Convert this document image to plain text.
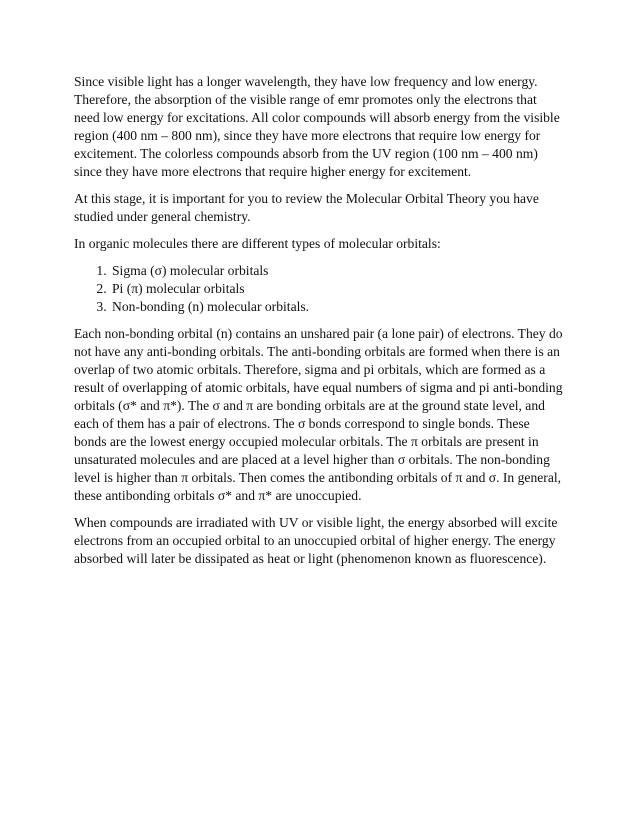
Since visible light has a longer wavelength, they have low frequency and low energy. Therefore, the absorption of the visible range of emr promotes only the electrons that need low energy for excitations. All color compounds will absorb energy from the visible region (400 nm – 800 nm), since they have more electrons that require low energy for excitement. The colorless compounds absorb from the UV region (100 nm – 400 nm) since they have more electrons that require higher energy for excitement.

At this stage, it is important for you to review the Molecular Orbital Theory you have studied under general chemistry.

In organic molecules there are different types of molecular orbitals:

1. Sigma (σ) molecular orbitals
2. Pi (π) molecular orbitals
3. Non-bonding (n) molecular orbitals.

Each non-bonding orbital (n) contains an unshared pair (a lone pair) of electrons. They do not have any anti-bonding orbitals. The anti-bonding orbitals are formed when there is an overlap of two atomic orbitals. Therefore, sigma and pi orbitals, which are formed as a result of overlapping of atomic orbitals, have equal numbers of sigma and pi anti-bonding orbitals (σ* and π*). The σ and π are bonding orbitals are at the ground state level, and each of them has a pair of electrons. The σ bonds correspond to single bonds. These bonds are the lowest energy occupied molecular orbitals. The π orbitals are present in unsaturated molecules and are placed at a level higher than σ orbitals. The non-bonding level is higher than π orbitals. Then comes the antibonding orbitals of π and σ. In general, these antibonding orbitals σ* and π* are unoccupied.

When compounds are irradiated with UV or visible light, the energy absorbed will excite electrons from an occupied orbital to an unoccupied orbital of higher energy. The energy absorbed will later be dissipated as heat or light (phenomenon known as fluorescence).
